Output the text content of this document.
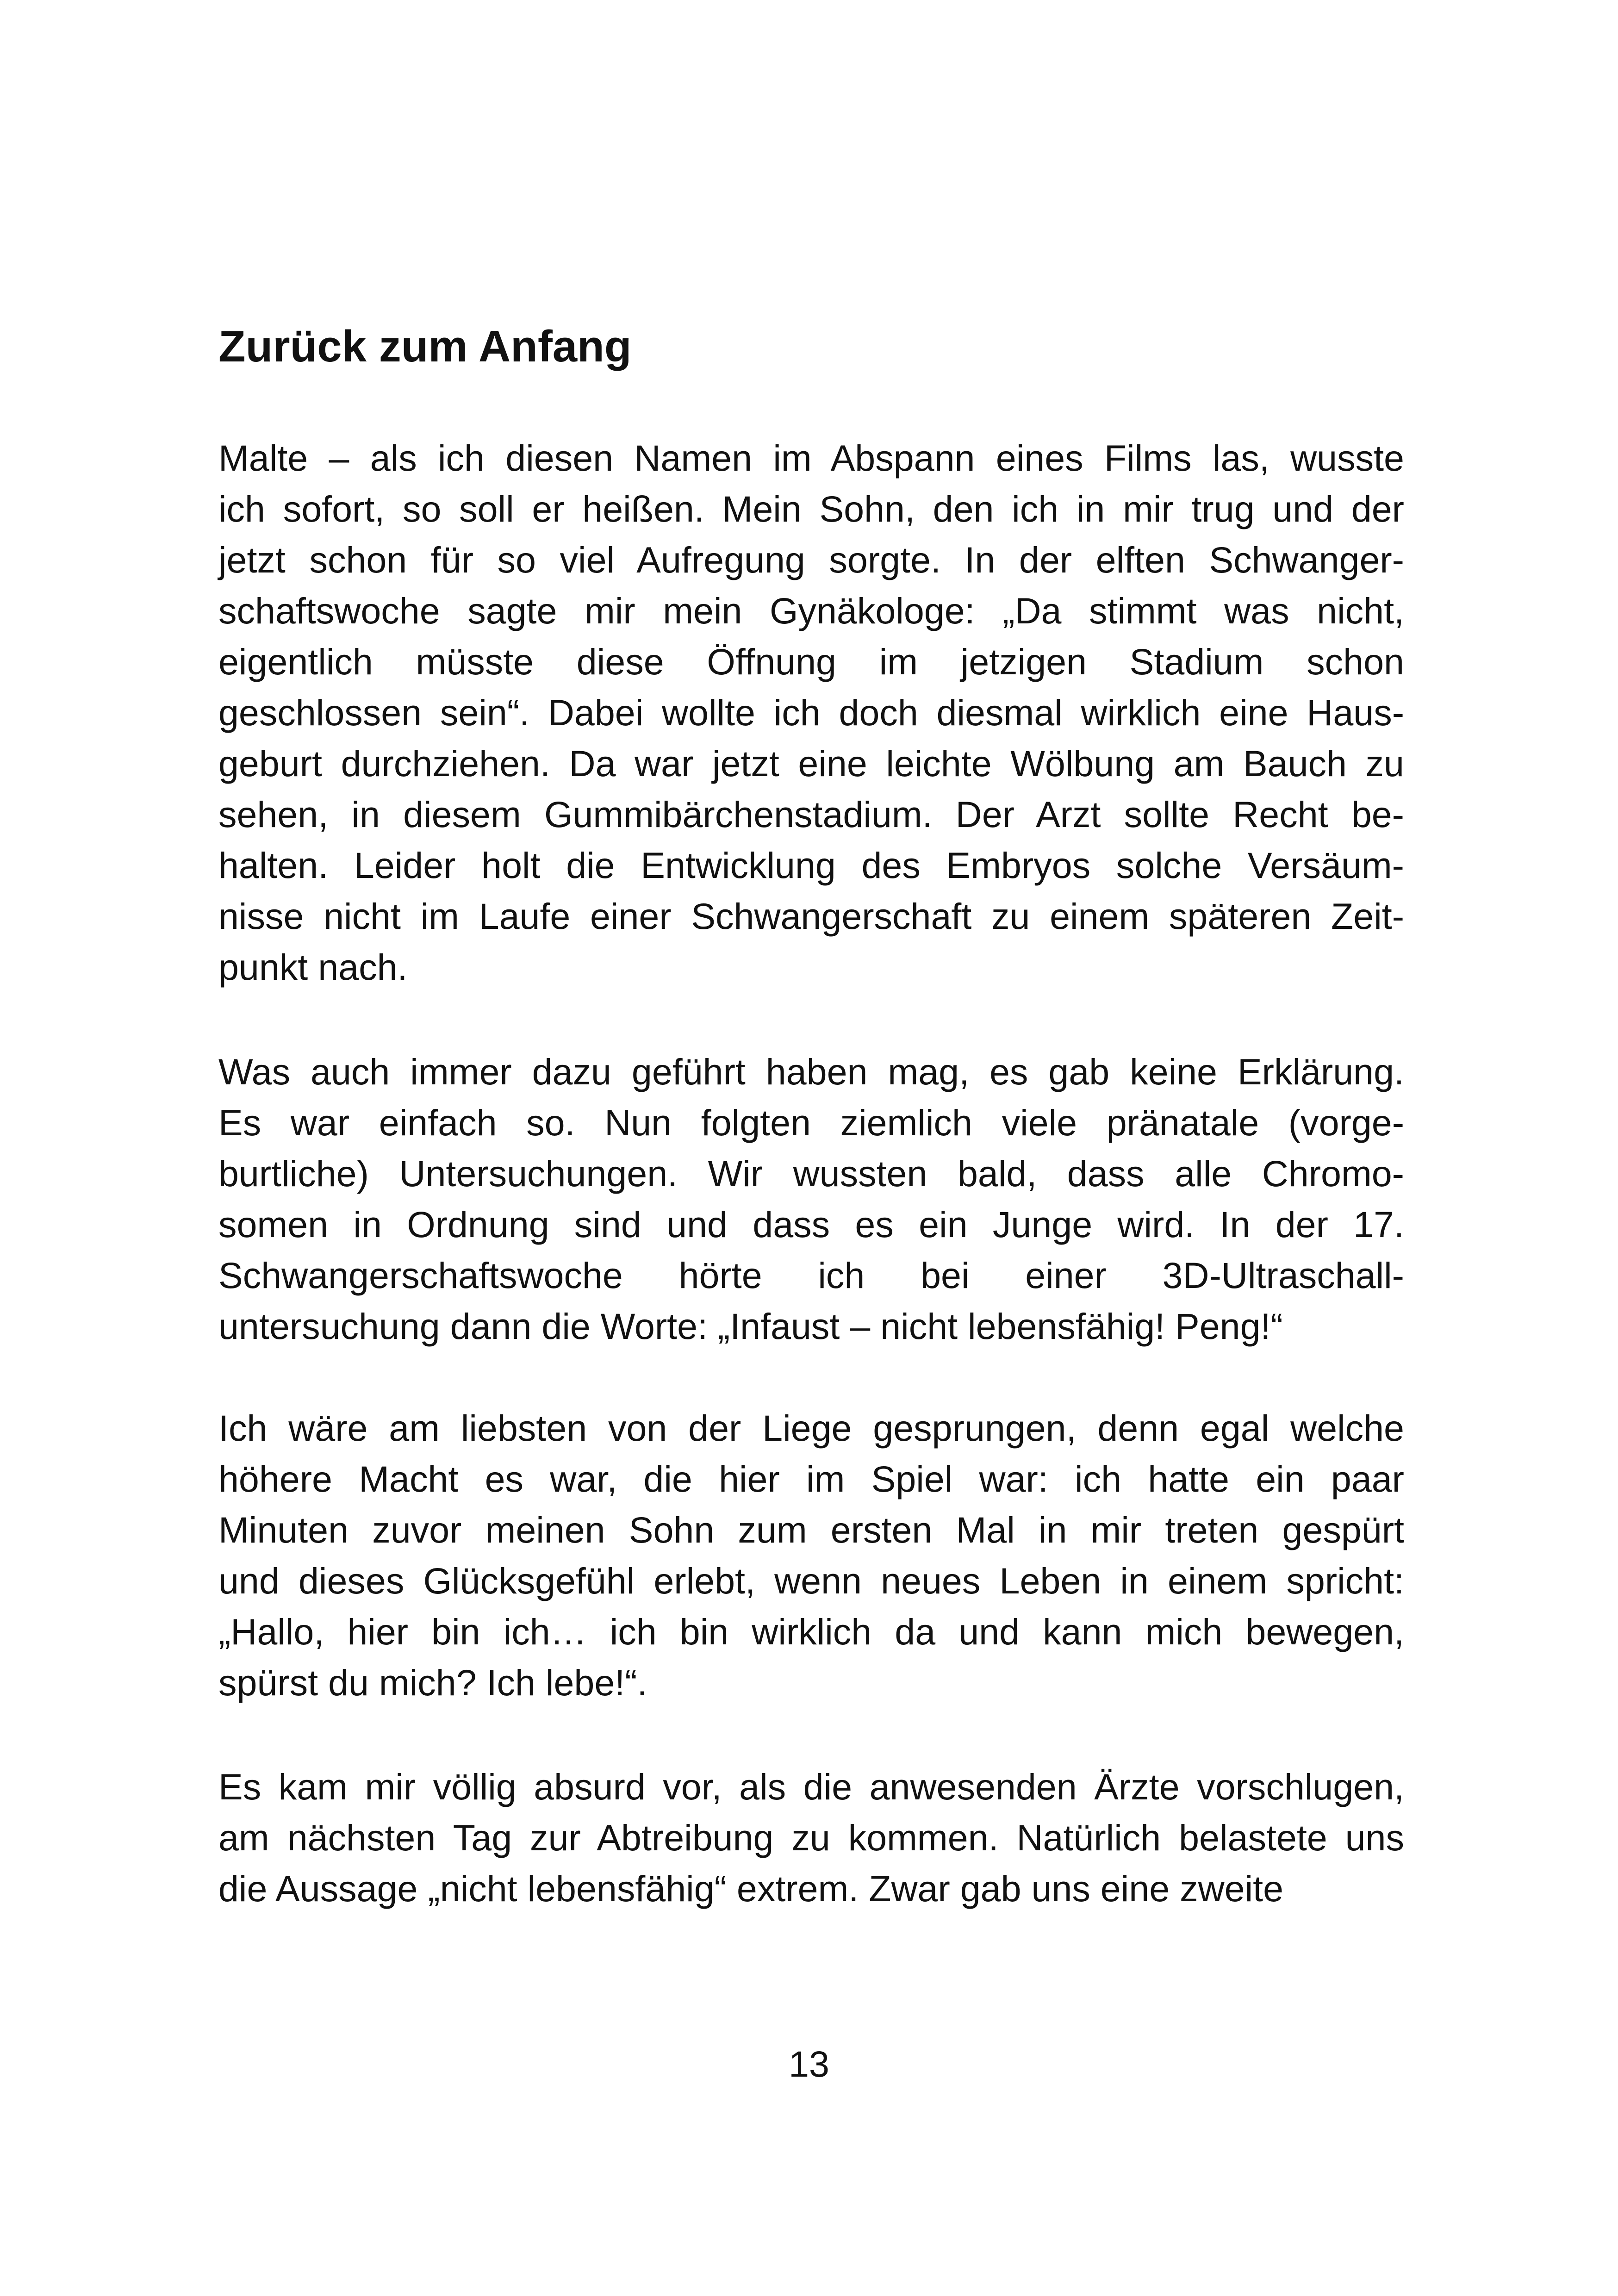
Zurück zum Anfang
Malte – als ich diesen Namen im Abspann eines Films las, wusste
ich sofort, so soll er heißen. Mein Sohn, den ich in mir trug und der
jetzt schon für so viel Aufregung sorgte. In der elften Schwanger-
schaftswoche sagte mir mein Gynäkologe: „Da stimmt was nicht,
eigentlich müsste diese Öffnung im jetzigen Stadium schon
geschlossen sein“. Dabei wollte ich doch diesmal wirklich eine Haus-
geburt durchziehen. Da war jetzt eine leichte Wölbung am Bauch zu
sehen, in diesem Gummibärchenstadium. Der Arzt sollte Recht be-
halten. Leider holt die Entwicklung des Embryos solche Versäum-
nisse nicht im Laufe einer Schwangerschaft zu einem späteren Zeit-
punkt nach.
Was auch immer dazu geführt haben mag, es gab keine Erklärung.
Es war einfach so. Nun folgten ziemlich viele pränatale (vorge-
burtliche) Untersuchungen. Wir wussten bald, dass alle Chromo-
somen in Ordnung sind und dass es ein Junge wird. In der 17.
Schwangerschaftswoche hörte ich bei einer 3D-Ultraschall-
untersuchung dann die Worte: „Infaust – nicht lebensfähig! Peng!“
Ich wäre am liebsten von der Liege gesprungen, denn egal welche
höhere Macht es war, die hier im Spiel war: ich hatte ein paar
Minuten zuvor meinen Sohn zum ersten Mal in mir treten gespürt
und dieses Glücksgefühl erlebt, wenn neues Leben in einem spricht:
„Hallo, hier bin ich… ich bin wirklich da und kann mich bewegen,
spürst du mich? Ich lebe!“.
Es kam mir völlig absurd vor, als die anwesenden Ärzte vorschlugen,
am nächsten Tag zur Abtreibung zu kommen. Natürlich belastete uns
die Aussage „nicht lebensfähig“ extrem. Zwar gab uns eine zweite

13
